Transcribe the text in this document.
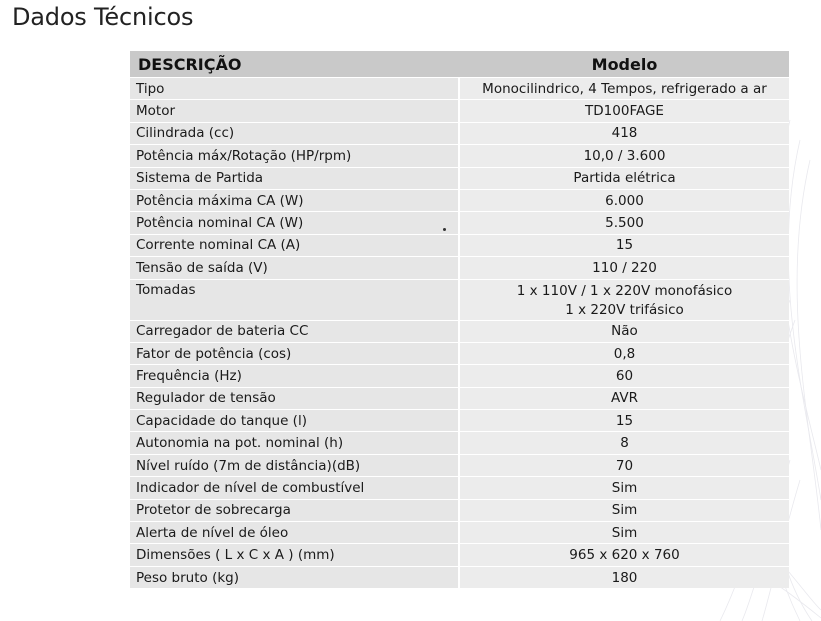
Dados Técnicos
DESCRIÇÃO	Modelo
Tipo	Monocilindrico, 4 Tempos, refrigerado a ar
Motor	TD100FAGE
Cilindrada (cc)	418
Potência máx/Rotação (HP/rpm)	10,0 / 3.600
Sistema de Partida	Partida elétrica
Potência máxima CA (W)	6.000
Potência nominal CA (W)	5.500
Corrente nominal CA (A)	15
Tensão de saída (V)	110 / 220
Tomadas	1 x 110V / 1 x 220V monofásico
1 x 220V trifásico

Carregador de bateria CC	Não
Fator de potência (cos)	0,8
Frequência (Hz)	60
Regulador de tensão	AVR
Capacidade do tanque (l)	15
Autonomia na pot. nominal (h)	8
Nível ruído (7m de distância)(dB)	70
Indicador de nível de combustível	Sim
Protetor de sobrecarga	Sim
Alerta de nível de óleo	Sim
Dimensões ( L x C x A ) (mm)	965 x 620 x 760
Peso bruto (kg)	180
